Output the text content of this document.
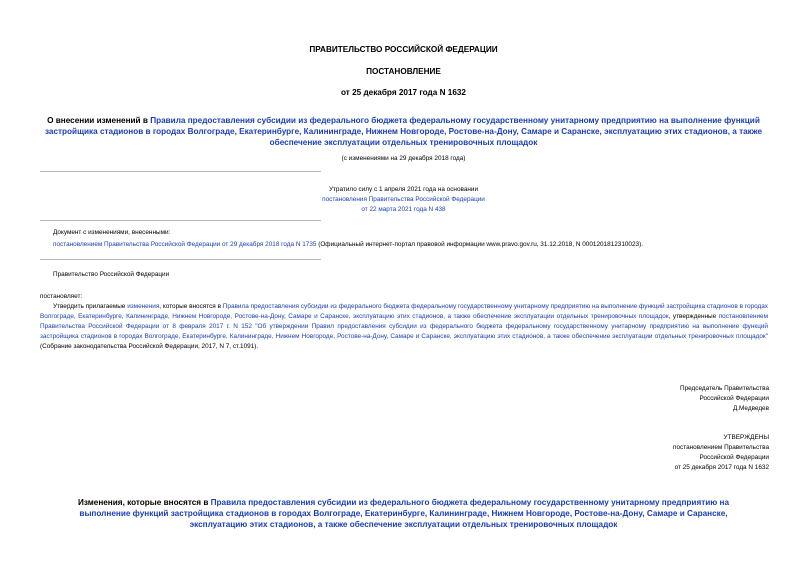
ПРАВИТЕЛЬСТВО РОССИЙСКОЙ ФЕДЕРАЦИИ
ПОСТАНОВЛЕНИЕ
от 25 декабря 2017 года N 1632
О внесении изменений в Правила предоставления субсидии из федерального бюджета федеральному государственному унитарному предприятию на выполнение функций застройщика стадионов в городах Волгограде, Екатеринбурге, Калининграде, Нижнем Новгороде, Ростове-на-Дону, Самаре и Саранске, эксплуатацию этих стадионов, а также обеспечение эксплуатации отдельных тренировочных площадок
(с изменениями на 29 декабря 2018 года)
Утратило силу с 1 апреля 2021 года на основании
постановления Правительства Российской Федерации
от 22 марта 2021 года N 438
Документ с изменениями, внесенными:
постановлением Правительства Российской Федерации от 29 декабря 2018 года N 1735 (Официальный интернет-портал правовой информации www.pravo.gov.ru, 31.12.2018, N 0001201812310023).
Правительство Российской Федерации
постановляет:
Утвердить прилагаемые изменения, которые вносятся в Правила предоставления субсидии из федерального бюджета федеральному государственному унитарному предприятию на выполнение функций застройщика стадионов в городах Волгограде, Екатеринбурге, Калининграде, Нижнем Новгороде, Ростове-на-Дону, Самаре и Саранске, эксплуатацию этих стадионов, а также обеспечение эксплуатации отдельных тренировочных площадок, утвержденные постановлением Правительства Российской Федерации от 8 февраля 2017 г. N 152 "Об утверждении Правил предоставления субсидии из федерального бюджета федеральному государственному унитарному предприятию на выполнение функций застройщика стадионов в городах Волгограде, Екатеринбурге, Калининграде, Нижнем Новгороде, Ростове-на-Дону, Самаре и Саранске, эксплуатацию этих стадионов, а также обеспечение эксплуатации отдельных тренировочных площадок" (Собрание законодательства Российской Федерации, 2017, N 7, ст.1091).
Председатель Правительства
Российской Федерации
Д.Медведев
УТВЕРЖДЕНЫ
постановлением Правительства
Российской Федерации
от 25 декабря 2017 года N 1632
Изменения, которые вносятся в Правила предоставления субсидии из федерального бюджета федеральному государственному унитарному предприятию на выполнение функций застройщика стадионов в городах Волгограде, Екатеринбурге, Калининграде, Нижнем Новгороде, Ростове-на-Дону, Самаре и Саранске, эксплуатацию этих стадионов, а также обеспечение эксплуатации отдельных тренировочных площадок
